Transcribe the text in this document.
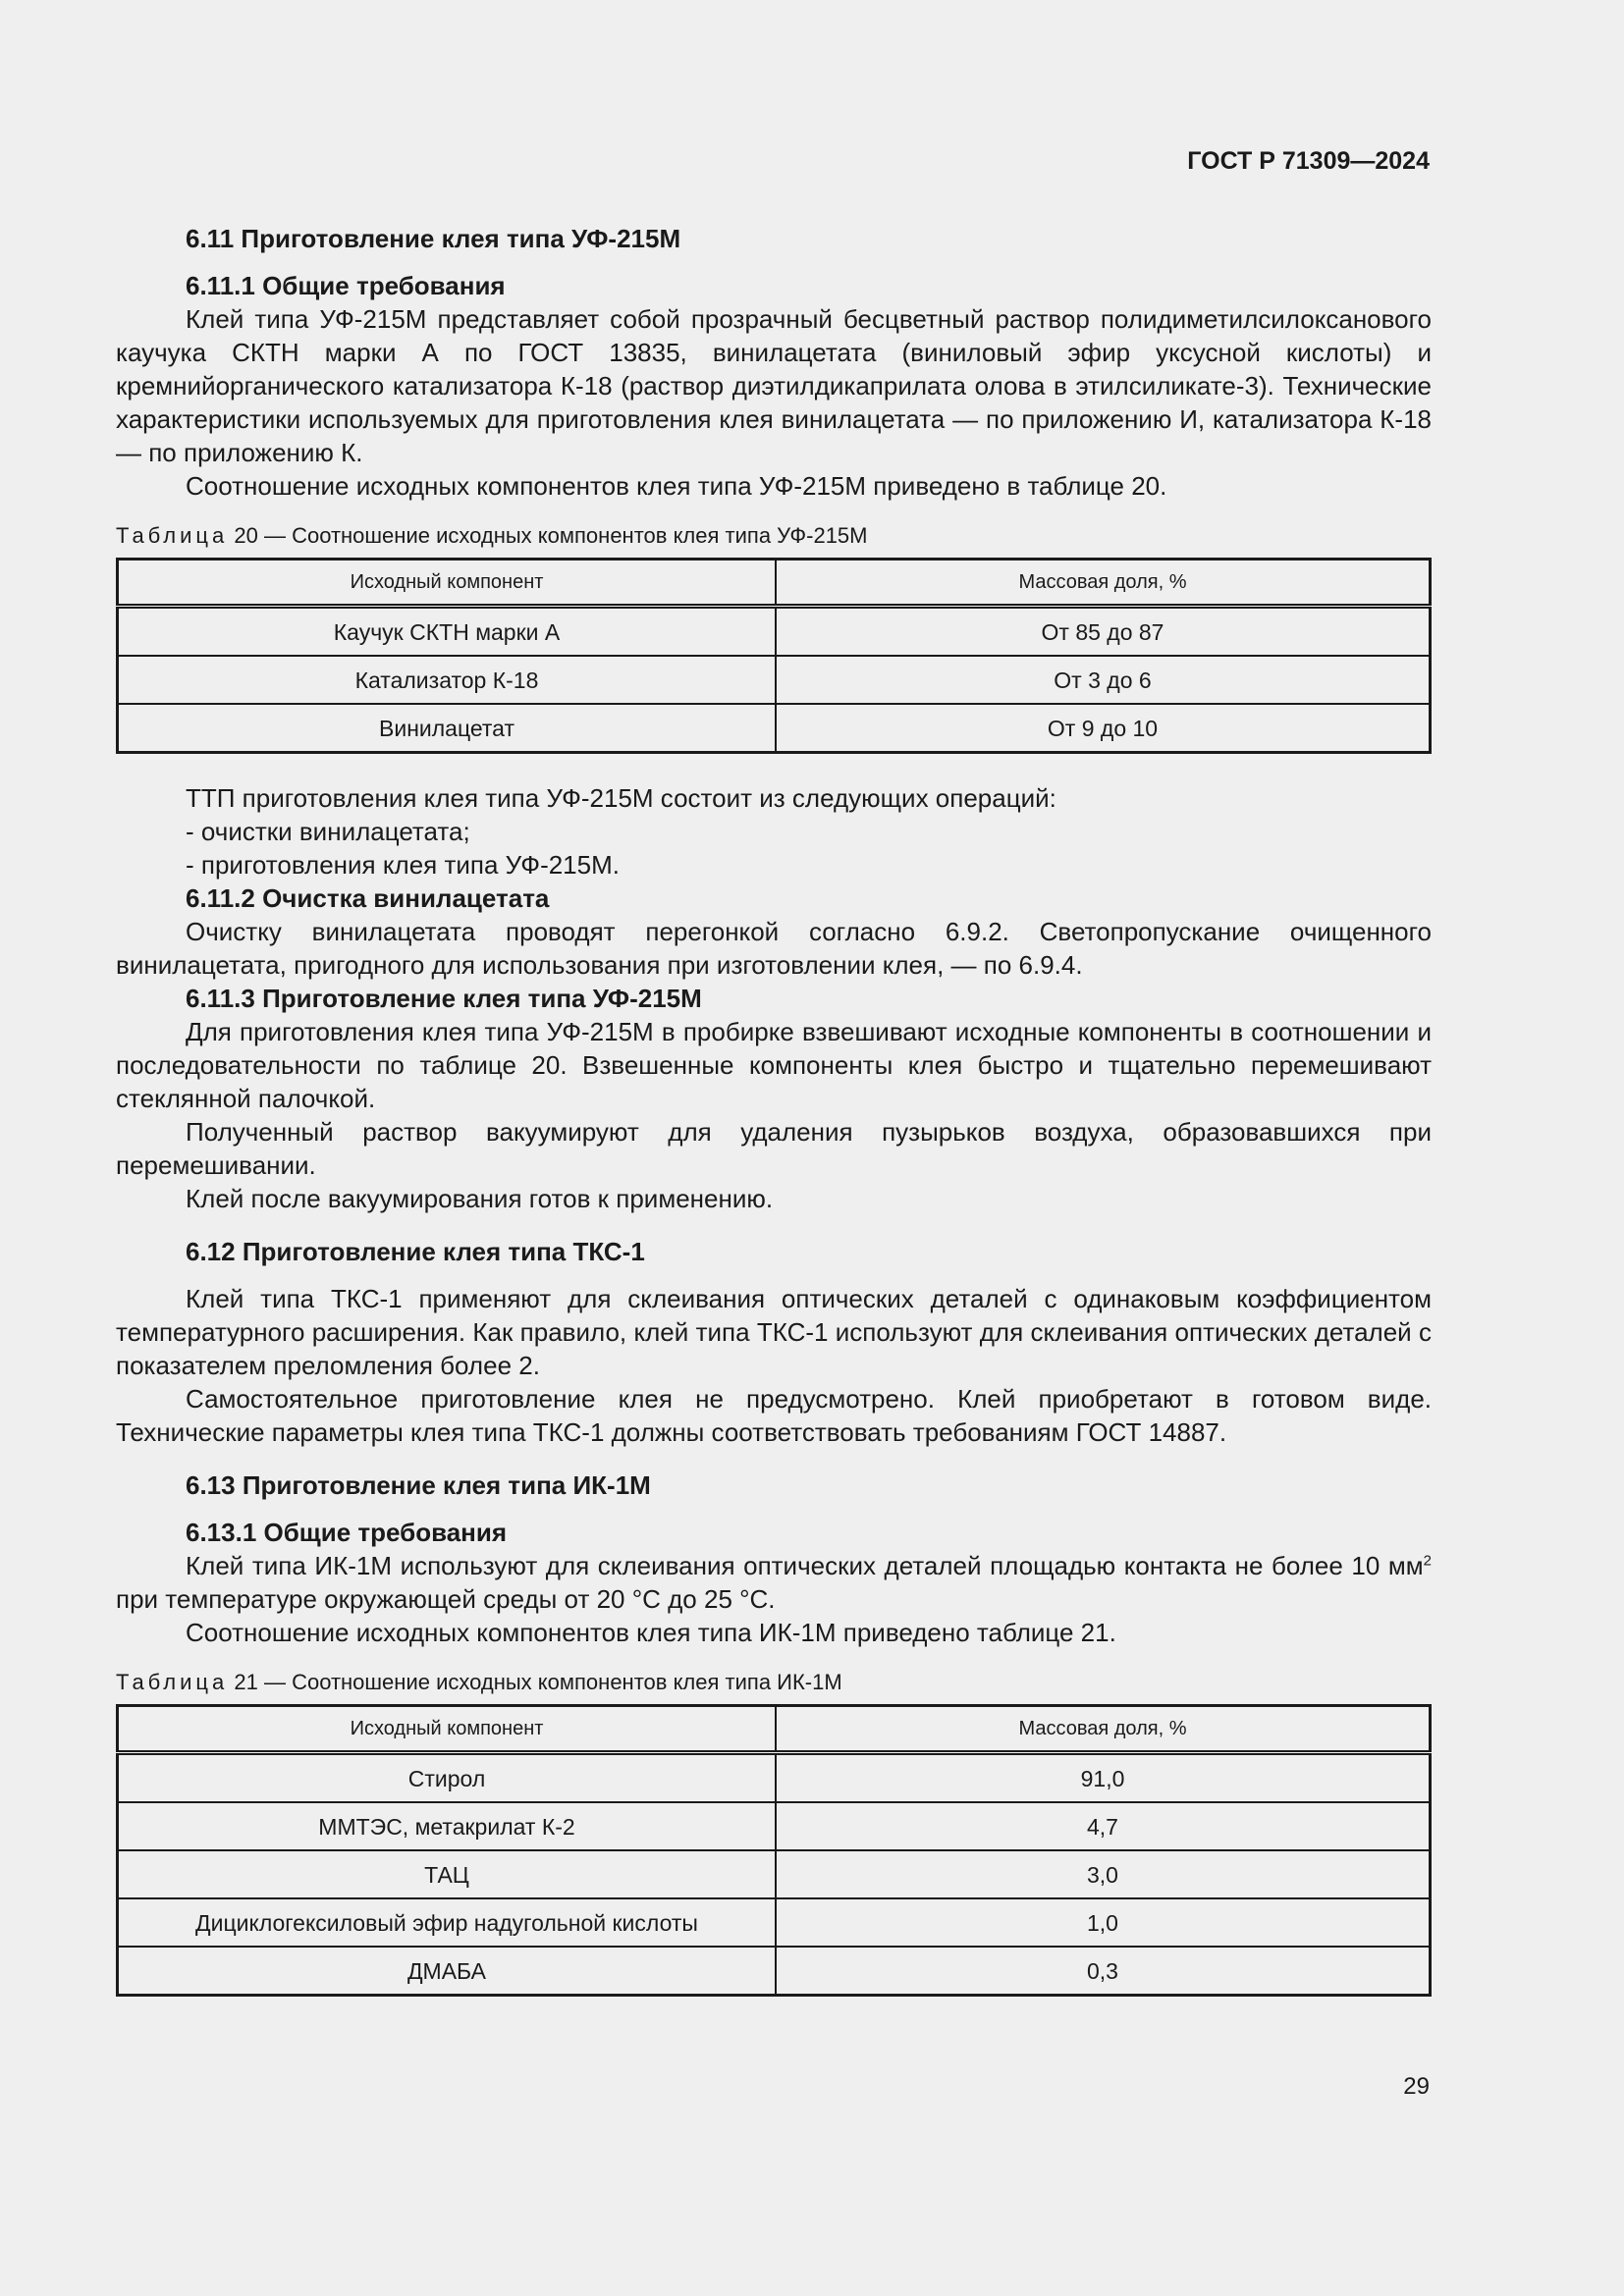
ГОСТ Р 71309—2024

6.11 Приготовление клея типа УФ-215М

6.11.1 Общие требования

Клей типа УФ-215М представляет собой прозрачный бесцветный раствор полидиметилсилоксанового каучука СКТН марки А по ГОСТ 13835, винилацетата (виниловый эфир уксусной кислоты) и кремнийорганического катализатора К-18 (раствор диэтилдикаприлата олова в этилсиликате-3). Технические характеристики используемых для приготовления клея винилацетата — по приложению И, катализатора К-18 — по приложению К.

Соотношение исходных компонентов клея типа УФ-215М приведено в таблице 20.

Таблица 20 — Соотношение исходных компонентов клея типа УФ-215М
Исходный компонент	Массовая доля, %
Каучук СКТН марки А	От 85 до 87
Катализатор К-18	От 3 до 6
Винилацетат	От 9 до 10

ТТП приготовления клея типа УФ-215М состоит из следующих операций:

- очистки винилацетата;

- приготовления клея типа УФ-215М.

6.11.2 Очистка винилацетата

Очистку винилацетата проводят перегонкой согласно 6.9.2. Светопропускание очищенного винилацетата, пригодного для использования при изготовлении клея, — по 6.9.4.

6.11.3 Приготовление клея типа УФ-215М

Для приготовления клея типа УФ-215М в пробирке взвешивают исходные компоненты в соотношении и последовательности по таблице 20. Взвешенные компоненты клея быстро и тщательно перемешивают стеклянной палочкой.

Полученный раствор вакуумируют для удаления пузырьков воздуха, образовавшихся при перемешивании.

Клей после вакуумирования готов к применению.

6.12 Приготовление клея типа ТКС-1

Клей типа ТКС-1 применяют для склеивания оптических деталей с одинаковым коэффициентом температурного расширения. Как правило, клей типа ТКС-1 используют для склеивания оптических деталей с показателем преломления более 2.

Самостоятельное приготовление клея не предусмотрено. Клей приобретают в готовом виде. Технические параметры клея типа ТКС-1 должны соответствовать требованиям ГОСТ 14887.

6.13 Приготовление клея типа ИК-1М

6.13.1 Общие требования

Клей типа ИК-1М используют для склеивания оптических деталей площадью контакта не более 10 $мм^2$ при температуре окружающей среды от 20 °С до 25 °С.

Соотношение исходных компонентов клея типа ИК-1М приведено таблице 21.

Таблица 21 — Соотношение исходных компонентов клея типа ИК-1М
Исходный компонент	Массовая доля, %
Стирол	91,0
ММТЭС, метакрилат К-2	4,7
ТАЦ	3,0
Дициклогексиловый эфир надугольной кислоты	1,0
ДМАБА	0,3
29
